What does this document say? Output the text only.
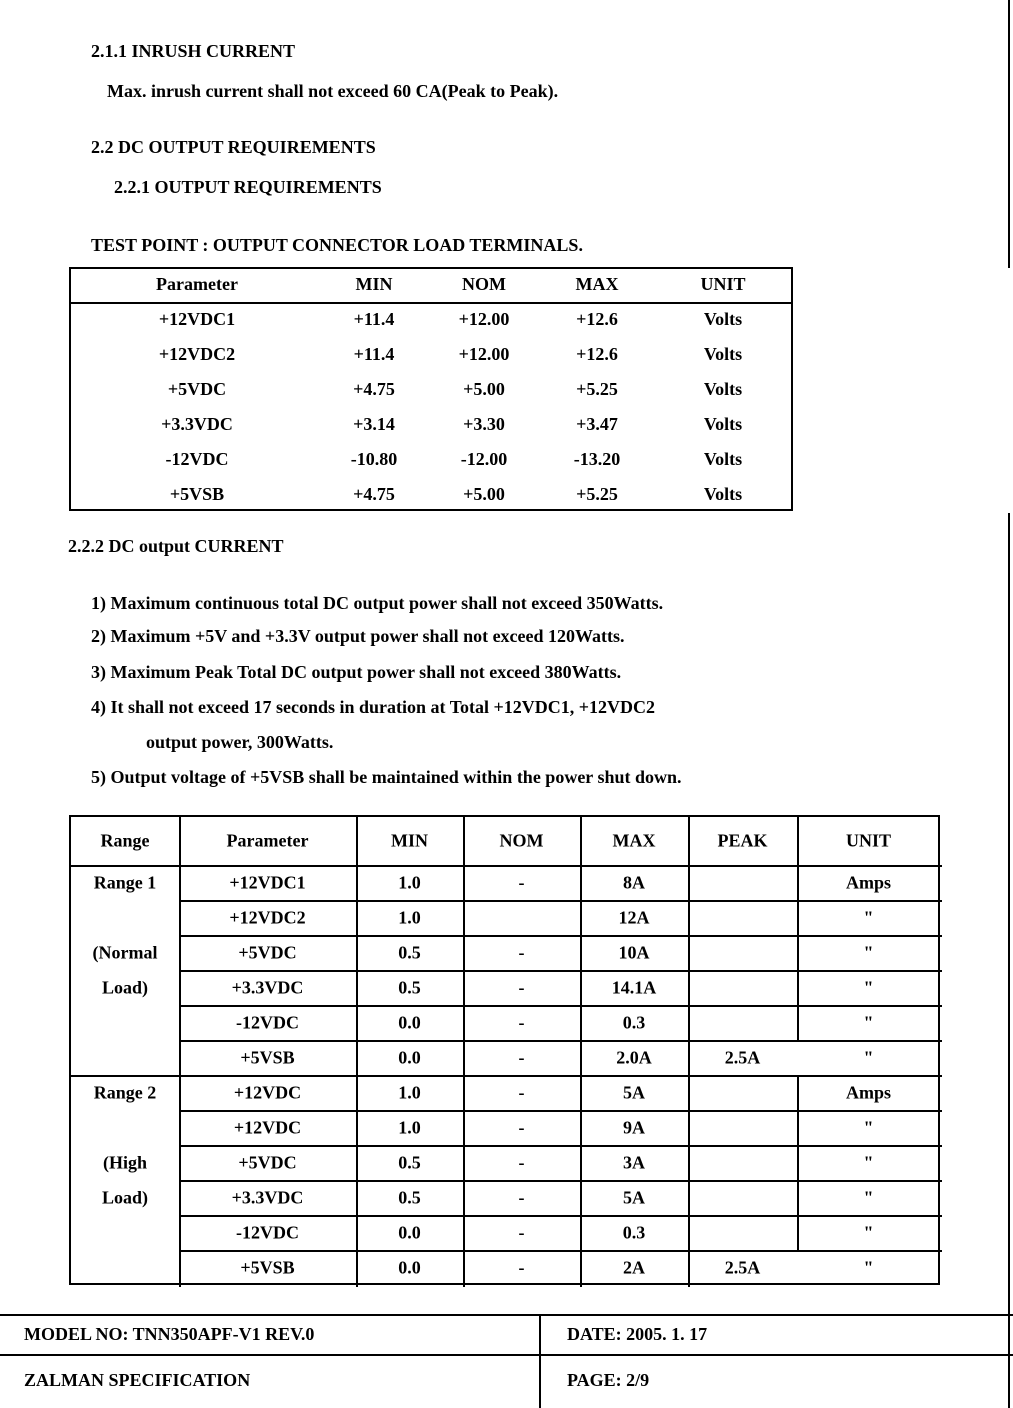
2.1.1 INRUSH CURRENT
Max. inrush current shall not exceed 60 CA(Peak to Peak).
2.2 DC OUTPUT REQUIREMENTS
2.2.1 OUTPUT REQUIREMENTS
TEST POINT : OUTPUT CONNECTOR LOAD TERMINALS.
Parameter	MIN	NOM	MAX	UNIT
+12VDC1	+11.4	+12.00	+12.6	Volts
+12VDC2	+11.4	+12.00	+12.6	Volts
+5VDC	+4.75	+5.00	+5.25	Volts
+3.3VDC	+3.14	+3.30	+3.47	Volts
-12VDC	-10.80	-12.00	-13.20	Volts
+5VSB	+4.75	+5.00	+5.25	Volts
2.2.2 DC output CURRENT
1) Maximum continuous total DC output power shall not exceed 350Watts.
2) Maximum +5V and +3.3V output power shall not exceed 120Watts.
3) Maximum Peak Total DC output power shall not exceed 380Watts.
4) It shall not exceed 17 seconds in duration at Total +12VDC1, +12VDC2
output power, 300Watts.
5) Output voltage of +5VSB shall be maintained within the power shut down.
Range	Parameter	MIN	NOM	MAX	PEAK	UNIT
Range 1
(Normal
Load)
Range 2
(High
Load)
+12VDC1	1.0	-	8A	Amps
+12VDC2	1.0	12A	"
+5VDC	0.5	-	10A	"
+3.3VDC	0.5	-	14.1A	"
-12VDC	0.0	-	0.3	"
+5VSB	0.0	-	2.0A	2.5A	"
+12VDC	1.0	-	5A	Amps
+12VDC	1.0	-	9A	"
+5VDC	0.5	-	3A	"
+3.3VDC	0.5	-	5A	"
-12VDC	0.0	-	0.3	"
+5VSB	0.0	-	2A	2.5A	"
MODEL NO: TNN350APF-V1 REV.0	DATE: 2005. 1. 17
ZALMAN SPECIFICATION	PAGE: 2/9
